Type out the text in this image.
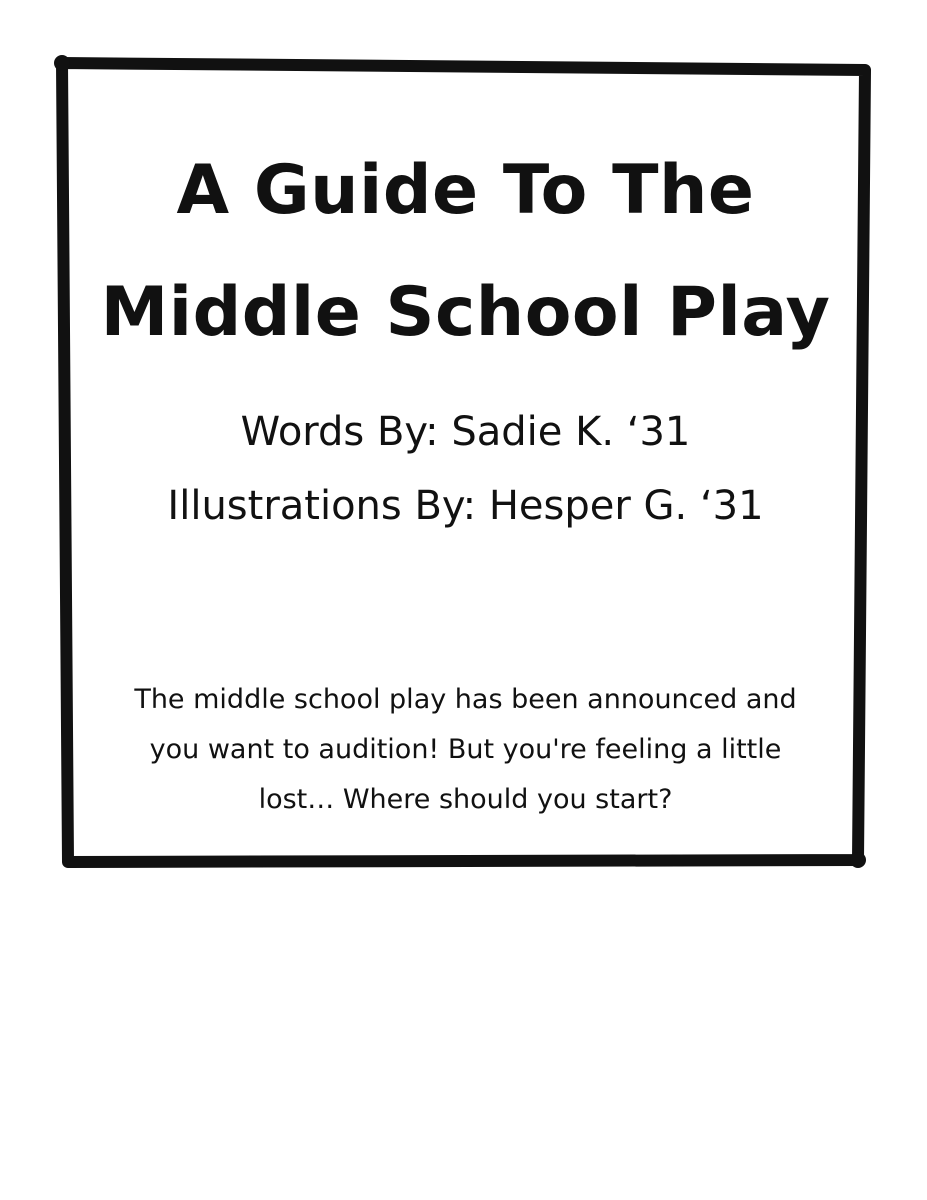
A Guide To The
Middle School Play
Words By: Sadie K. ‘31
Illustrations By: Hesper G. ‘31

The middle school play has been announced and you want to audition! But you're feeling a little lost… Where should you start?
